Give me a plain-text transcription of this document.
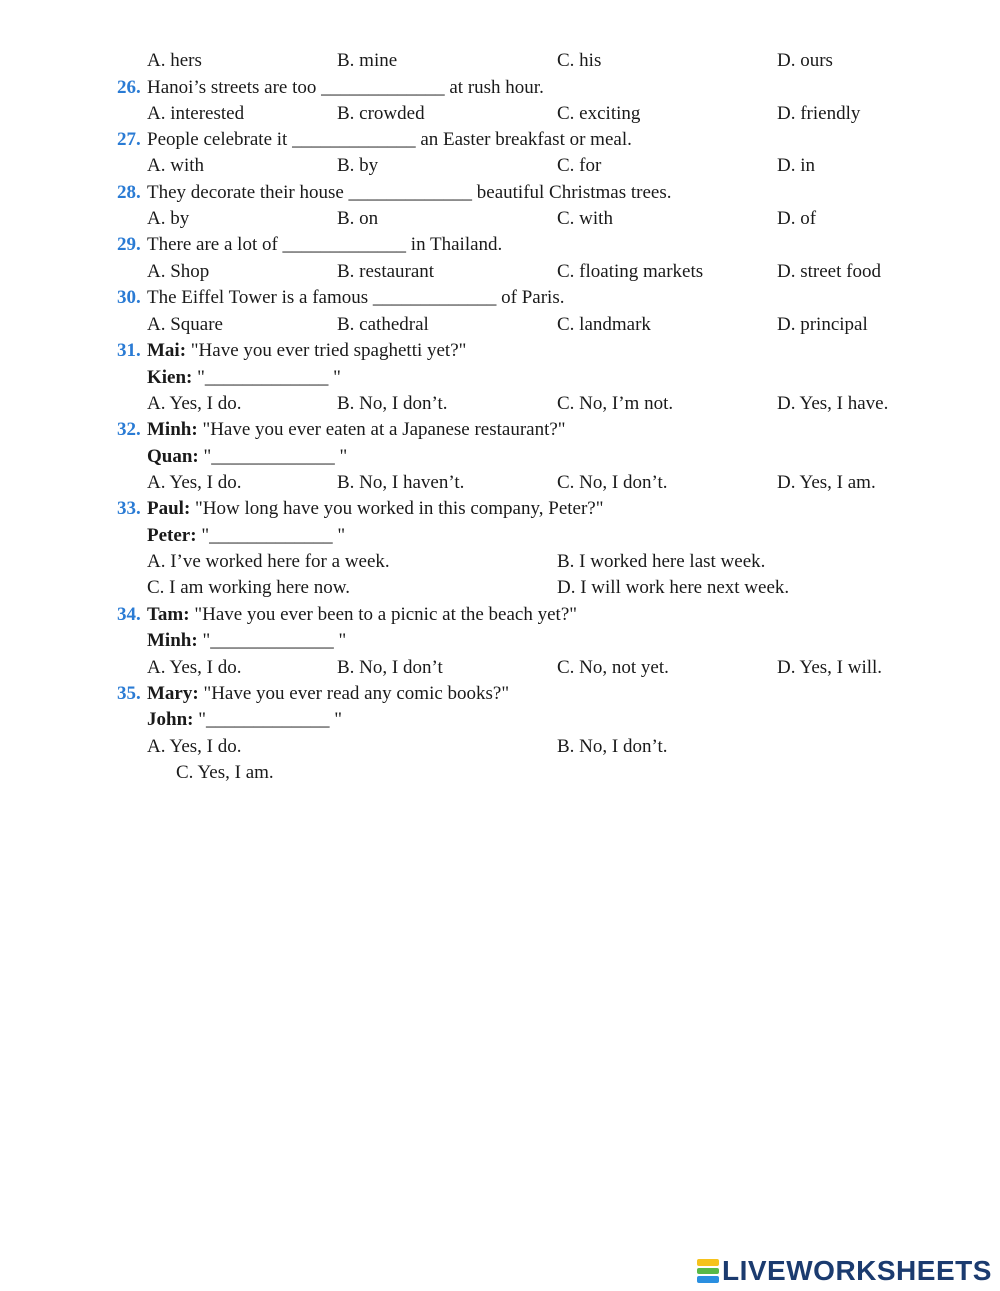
A. hers	B. mine	C. his	D. ours
26. Hanoi’s streets are too _____________ at rush hour.
A. interested	B. crowded	C. exciting	D. friendly
27. People celebrate it _____________ an Easter breakfast or meal.
A. with	B. by	C. for	D. in
28. They decorate their house _____________ beautiful Christmas trees.
A. by	B. on	C. with	D. of
29. There are a lot of _____________ in Thailand.
A. Shop	B. restaurant	C. floating markets	D. street food
30. The Eiffel Tower is a famous _____________ of Paris.
A. Square	B. cathedral	C. landmark	D. principal
31. Mai: "Have you ever tried spaghetti yet?"
Kien: "_____________ "
A. Yes, I do.	B. No, I don’t.	C. No, I’m not.	D. Yes, I have.
32. Minh: "Have you ever eaten at a Japanese restaurant?"
Quan: "_____________ "
A. Yes, I do.	B. No, I haven’t.	C. No, I don’t.	D. Yes, I am.
33. Paul: "How long have you worked in this company, Peter?"
Peter: "_____________ "
A. I’ve worked here for a week.	B. I worked here last week.
C. I am working here now.	D. I will work here next week.
34. Tam: "Have you ever been to a picnic at the beach yet?"
Minh: "_____________ "
A. Yes, I do.	B. No, I don’t	C. No, not yet.	D. Yes, I will.
35. Mary: "Have you ever read any comic books?"
John: "_____________ "
A. Yes, I do.	B. No, I don’t.
C. Yes, I am.
LIVEWORKSHEETS
